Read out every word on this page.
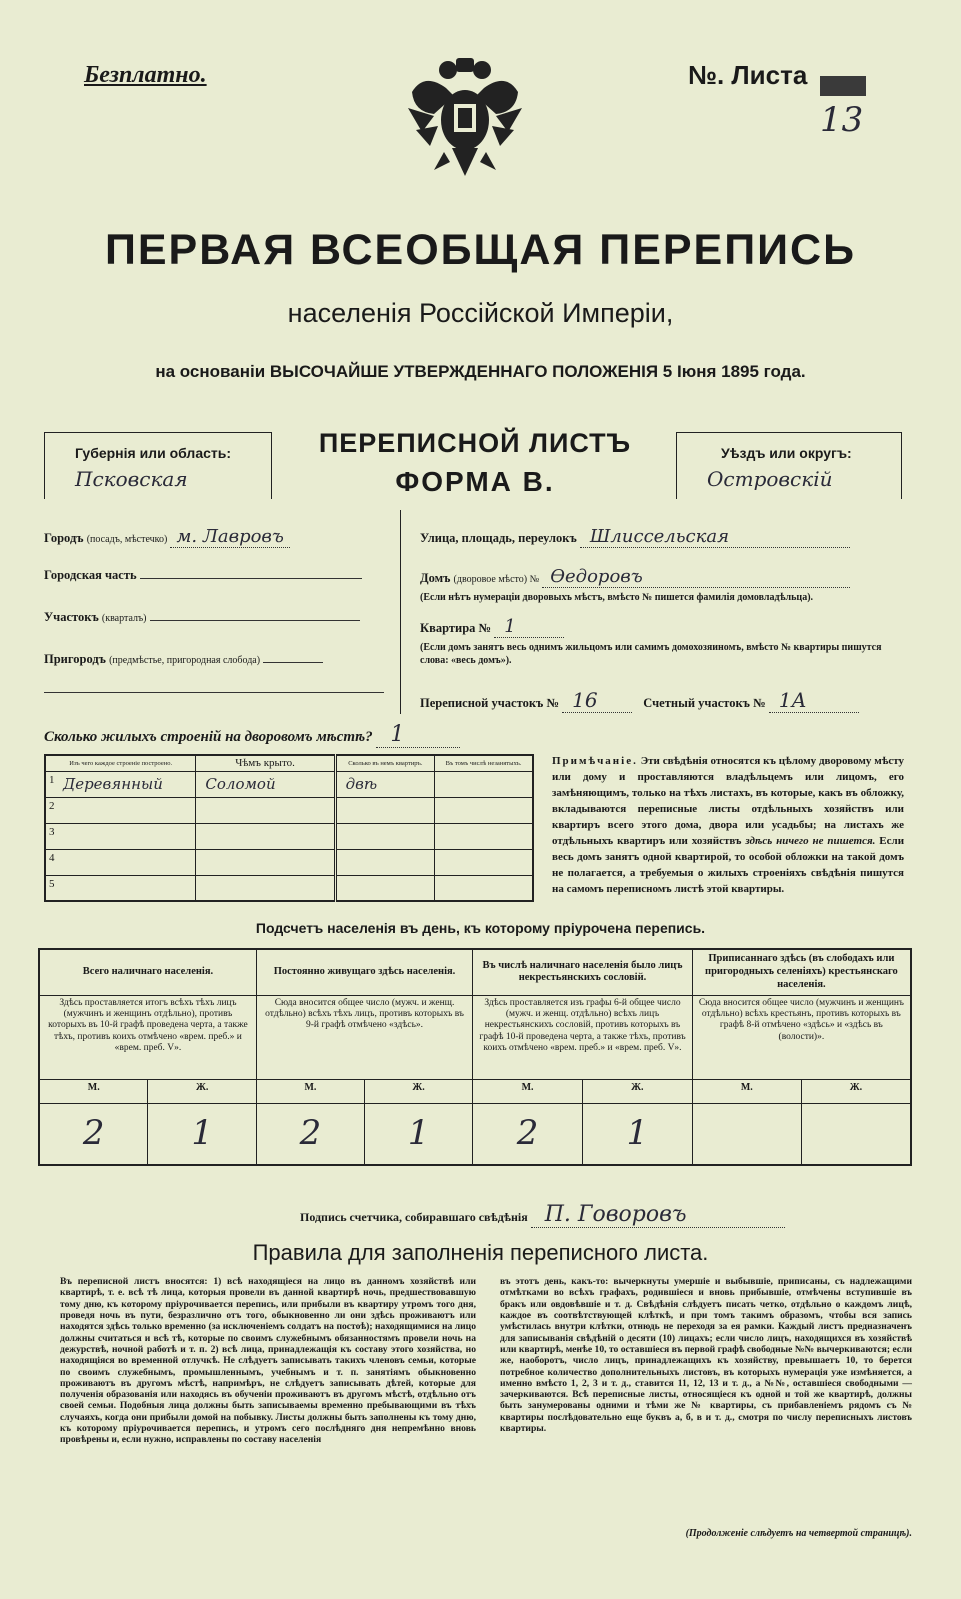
Безплатно.	№. Листа
13
ПЕРВАЯ ВСЕОБЩАЯ ПЕРЕПИСЬ
населенія Россійской Имперіи,
на основаніи ВЫСОЧАЙШЕ УТВЕРЖДЕННАГО ПОЛОЖЕНІЯ 5 Іюня 1895 года.
Губернія или область:
Псковская
ПЕРЕПИСНОЙ ЛИСТЪ
ФОРМА В.
Уѣздъ или округъ:
Островскій
Городъ (посадъ, мѣстечко) м. Лавровъ
Городская часть
Участокъ (кварталъ)
Пригородъ (предмѣстье, пригородная слобода)
Улица, площадь, переулокъ Шлиссельская
Домъ (дворовое мѣсто) № Ѳедоровъ
(Если нѣтъ нумераціи дворовыхъ мѣстъ, вмѣсто № пишется фамилія домовладѣльца).
Квартира № 1
(Если домъ занятъ весь однимъ жильцомъ или самимъ домохозяиномъ, вмѣсто № квартиры пишутся слова: «весь домъ»).
Переписной участокъ № 16	Счетный участокъ № 1А
Сколько жилыхъ строеній на дворовомъ мѣстѣ? 1
Изъ чего каждое строеніе построено.	Чѣмъ крыто.	Сколько въ немъ квартиръ.	Въ томъ числѣ незанятыхъ.

1 Деревянный	Соломой	двѣ	

2			

3			

4			

5			

Примѣчаніе. Эти свѣдѣнія относятся къ цѣлому дворовому мѣсту или дому и проставляются владѣльцемъ или лицомъ, его замѣняющимъ, только на тѣхъ листахъ, въ которые, какъ въ обложку, вкладываются переписные листы отдѣльныхъ хозяйствъ или квартиръ всего этого дома, двора или усадьбы; на листахъ же отдѣльныхъ квартиръ или хозяйствъ здѣсь ничего не пишется. Если весь домъ занятъ одной квартирой, то особой обложки на такой домъ не полагается, а требуемыя о жилыхъ строеніяхъ свѣдѣнія пишутся на самомъ переписномъ листѣ этой квартиры.
Подсчетъ населенія въ день, къ которому пріурочена перепись.
Всего наличнаго населенія.		Постоянно живущаго здѣсь населенія.		Въ числѣ наличнаго населенія было лицъ некрестьянскихъ сословій.		Приписаннаго здѣсь (въ слободахъ или пригородныхъ селеніяхъ) крестьянскаго населенія.	
Здѣсь проставляется итогъ всѣхъ тѣхъ лицъ (мужчинъ и женщинъ отдѣльно), противъ которыхъ въ 10-й графѣ проведена черта, а также тѣхъ, противъ коихъ отмѣчено «врем. преб.» и «врем. преб. V».		Сюда вносится общее число (мужч. и женщ. отдѣльно) всѣхъ тѣхъ лицъ, противъ которыхъ въ 9-й графѣ отмѣчено «здѣсь».		Здѣсь проставляется изъ графы 6-й общее число (мужч. и женщ. отдѣльно) всѣхъ лицъ некрестьянскихъ сословій, противъ которыхъ въ графѣ 10-й проведена черта, а также тѣхъ, противъ коихъ отмѣчено «врем. преб.» и «врем. преб. V».		Сюда вносится общее число (мужчинъ и женщинъ отдѣльно) всѣхъ крестьянъ, противъ которыхъ въ графѣ 8-й отмѣчено «здѣсь» и «здѣсь въ (волости)».	
М.	Ж.	М.	Ж.	М.	Ж.	М.	Ж.
2	1	2	1	2	1		
Подпись счетчика, собиравшаго свѣдѣнія П. Говоровъ
Правила для заполненія переписного листа.
Въ переписной листъ вносятся: 1) всѣ находящіеся на лицо въ данномъ хозяйствѣ или квартирѣ, т. е. всѣ тѣ лица, которыя провели въ данной квартирѣ ночь, предшествовавшую тому дню, къ которому пріурочивается перепись, или прибыли въ квартиру утромъ того дня, проведя ночь въ пути, безразлично отъ того, обыкновенно ли они здѣсь проживаютъ или находятся здѣсь только временно (за исключеніемъ солдатъ на постоѣ); находящимися на лицо должны считаться и всѣ тѣ, которые по своимъ служебнымъ обязанностямъ провели ночь на дежурствѣ, ночной работѣ и т. п. 2) всѣ лица, принадлежащія къ составу этого хозяйства, но находящіяся во временной отлучкѣ. Не слѣдуетъ записывать такихъ членовъ семьи, которые по своимъ служебнымъ, промышленнымъ, учебнымъ и т. п. занятіямъ обыкновенно проживаютъ въ другомъ мѣстѣ, напримѣръ, не слѣдуетъ записывать дѣтей, которые для полученія образованія или находясь въ обученіи проживаютъ въ другомъ мѣстѣ, отдѣльно отъ своей семьи. Подобныя лица должны быть записываемы временно пребывающими въ тѣхъ случаяхъ, когда они прибыли домой на побывку. Листы должны быть заполнены къ тому дню, къ которому пріурочивается перепись, и утромъ сего послѣдняго дня непремѣнно вновь провѣрены и, если нужно, исправлены по составу населенія
въ этотъ день, какъ-то: вычеркнуты умершіе и выбывшіе, приписаны, съ надлежащими отмѣтками во всѣхъ графахъ, родившіеся и вновь прибывшіе, отмѣчены вступившіе въ бракъ или овдовѣвшіе и т. д. Свѣдѣнія слѣдуетъ писать четко, отдѣльно о каждомъ лицѣ, каждое въ соотвѣтствующей клѣткѣ, и при томъ такимъ образомъ, чтобы вся запись умѣстилась внутри клѣтки, отнюдь не переходя за ея рамки. Каждый листъ предназначенъ для записыванія свѣдѣній о десяти (10) лицахъ; если число лицъ, находящихся въ хозяйствѣ или квартирѣ, менѣе 10, то оставшіеся въ первой графѣ свободные №№ вычеркиваются; если же, наоборотъ, число лицъ, принадлежащихъ къ хозяйству, превышаетъ 10, то берется потребное количество дополнительныхъ листовъ, въ которыхъ нумерація уже измѣняется, а именно вмѣсто 1, 2, 3 и т. д., ставится 11, 12, 13 и т. д., а №№, оставшіеся свободными — зачеркиваются. Всѣ переписные листы, относящіеся къ одной и той же квартирѣ, должны быть занумерованы одними и тѣми же № квартиры, съ прибавленіемъ рядомъ съ № квартиры послѣдовательно еще буквъ а, б, в и т. д., смотря по числу переписныхъ листовъ квартиры.
(Продолженіе слѣдуетъ на четвертой страницѣ).
